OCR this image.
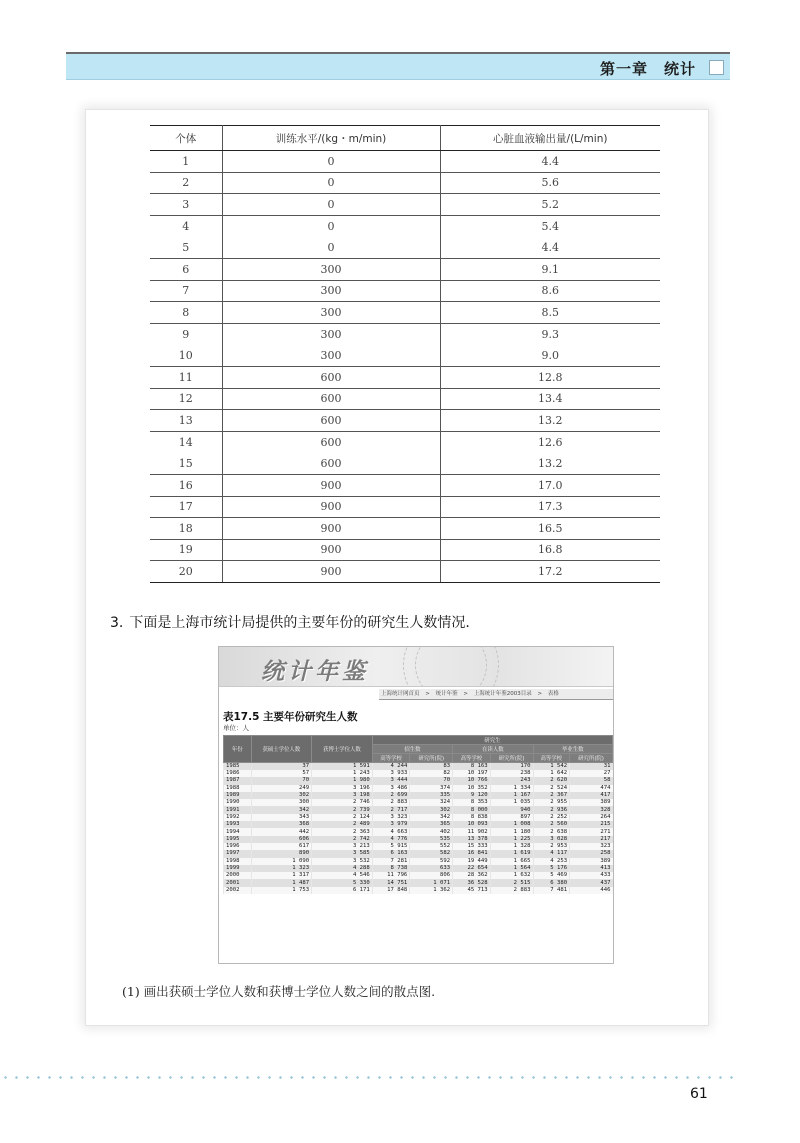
第一章　统计
个体	训练水平/(kg・m/min)	心脏血液输出量/(L/min)
1	0	4.4
2	0	5.6
3	0	5.2
4	0	5.4
5	0	4.4
6	300	9.1
7	300	8.6
8	300	8.5
9	300	9.3
10	300	9.0
11	600	12.8
12	600	13.4
13	600	13.2
14	600	12.6
15	600	13.2
16	900	17.0
17	900	17.3
18	900	16.5
19	900	16.8
20	900	17.2
3. 下面是上海市统计局提供的主要年份的研究生人数情况.
统计年鉴
上海统计网首页 > 统计年鉴 > 上海统计年鉴2003目录 > 表格
表17.5 主要年份研究生人数
单位：人
年份	获硕士学位人数	获博士学位人数	研究生					
			招生数		在读人数		毕业生数	
			高等学校	研究所(院)	高等学校	研究所(院)	高等学校	研究所(院)
1985	37	1 591	4 244	83	8 163	170	1 542	31
1986	57	1 243	3 933	82	10 197	238	1 642	27
1987	70	1 980	3 444	70	10 766	243	2 620	58
1988	249	3 196	3 486	374	10 352	1 334	2 524	474
1989	302	3 198	2 699	335	9 120	1 167	2 367	417
1990	300	2 746	2 883	324	8 353	1 035	2 955	389
1991	342	2 739	2 717	302	8 000	940	2 936	328
1992	343	2 124	3 323	342	8 838	897	2 252	264
1993	368	2 489	3 979	365	10 093	1 008	2 560	215
1994	442	2 363	4 663	402	11 902	1 180	2 638	271
1995	606	2 742	4 776	535	13 378	1 225	3 028	217
1996	617	3 213	5 915	552	15 333	1 328	2 953	323
1997	890	3 585	6 163	582	16 841	1 619	4 117	258
1998	1 090	3 532	7 281	592	19 449	1 665	4 253	389
1999	1 323	4 288	8 738	633	22 654	1 564	5 176	413
2000	1 317	4 546	11 796	806	28 362	1 632	5 469	433
2001	1 487	5 330	14 751	1 071	36 528	2 515	6 380	437
2002	1 753	6 171	17 848	1 362	45 713	2 883	7 481	446
(1) 画出获硕士学位人数和获博士学位人数之间的散点图.
61
